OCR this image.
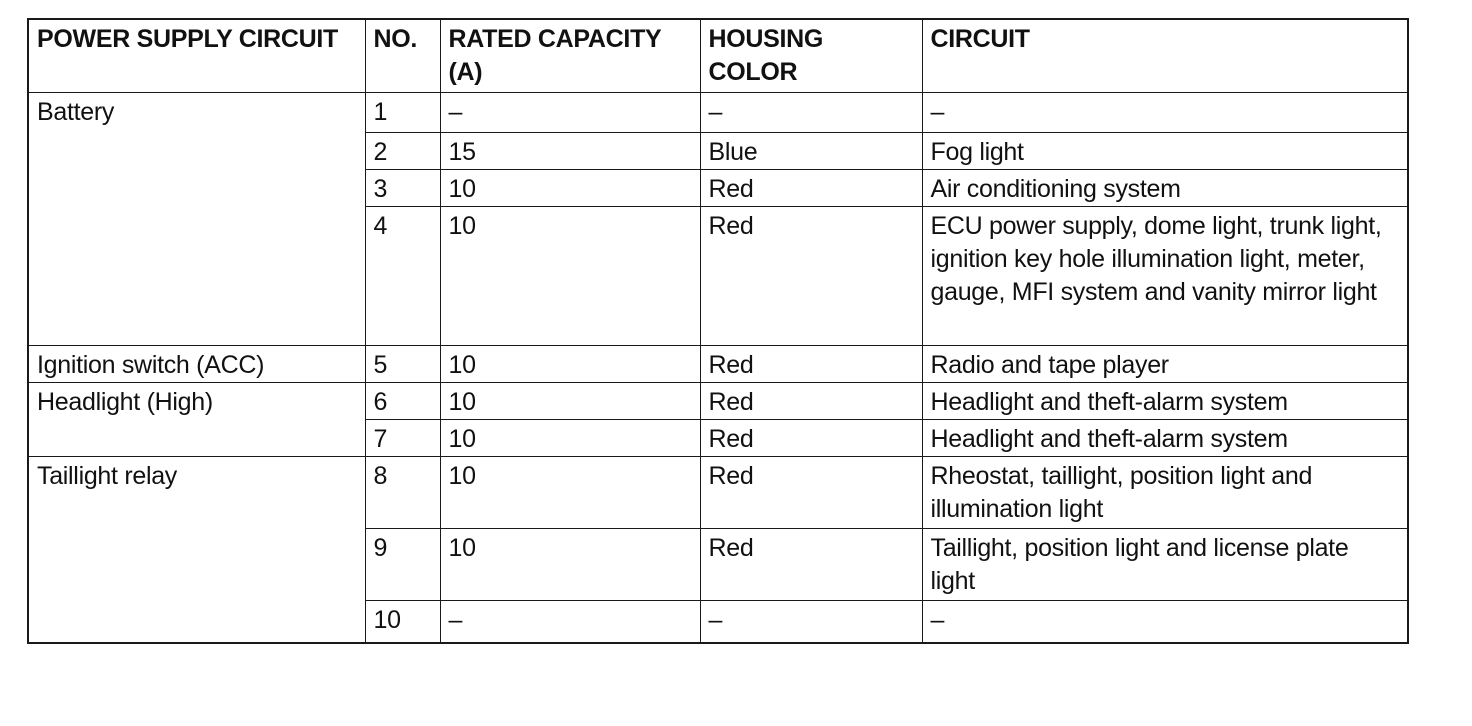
POWER SUPPLY CIRCUIT	NO.	RATED CAPACITY (A)	HOUSING COLOR	CIRCUIT
Battery	1	–	–	–
	2	15	Blue	Fog light
	3	10	Red	Air conditioning system
	4	10	Red	ECU power supply, dome light, trunk light, ignition key hole illumination light, meter, gauge, MFI system and vanity mirror light
Ignition switch (ACC)	5	10	Red	Radio and tape player
Headlight (High)	6	10	Red	Headlight and theft-alarm system
	7	10	Red	Headlight and theft-alarm system
Taillight relay	8	10	Red	Rheostat, taillight, position light and illumination light
	9	10	Red	Taillight, position light and license plate light
	10	–	–	–
